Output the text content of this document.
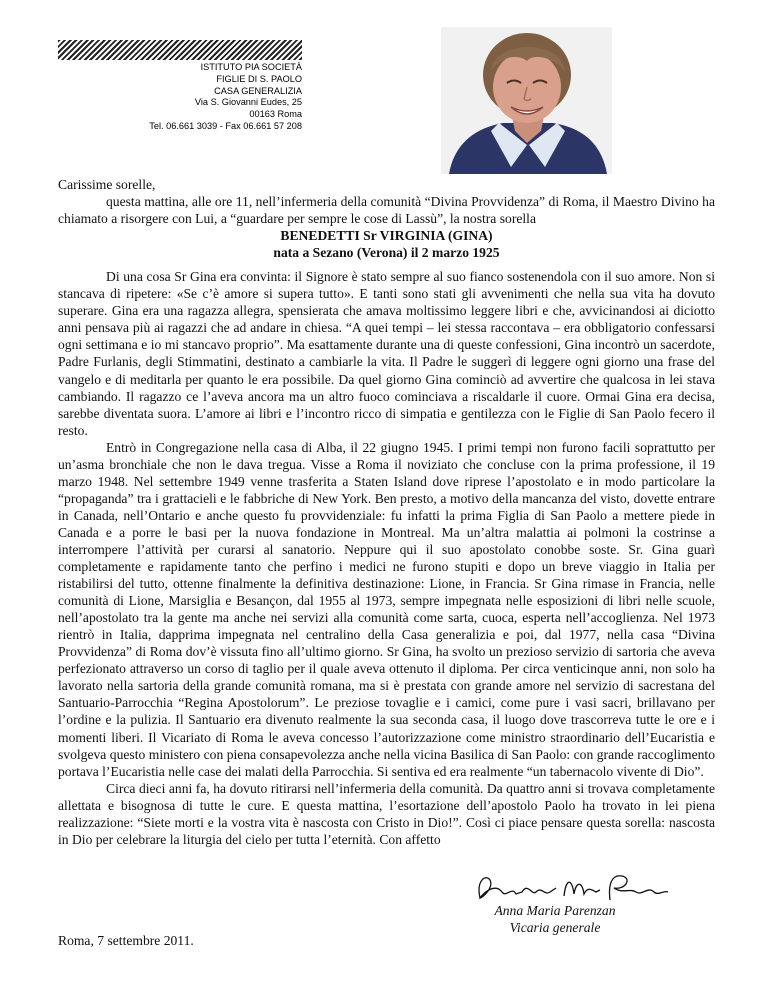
ISTITUTO PIA SOCIETÀ
FIGLIE DI S. PAOLO
CASA GENERALIZIA
Via S. Giovanni Eudes, 25
00163 Roma
Tel. 06.661 3039 - Fax 06.661 57 208

Carissime sorelle,

questa mattina, alle ore 11, nell’infermeria della comunità “Divina Provvidenza” di Roma, il Maestro Divino ha chiamato a risorgere con Lui, a “guardare per sempre le cose di Lassù”, la nostra sorella

BENEDETTI Sr VIRGINIA (GINA)
nata a Sezano (Verona) il 2 marzo 1925

Di una cosa Sr Gina era convinta: il Signore è stato sempre al suo fianco sostenendola con il suo amore. Non si stancava di ripetere: «Se c’è amore si supera tutto». E tanti sono stati gli avvenimenti che nella sua vita ha dovuto superare. Gina era una ragazza allegra, spensierata che amava moltissimo leggere libri e che, avvicinandosi ai diciotto anni pensava più ai ragazzi che ad andare in chiesa. “A quei tempi – lei stessa raccontava – era obbligatorio confessarsi ogni settimana e io mi stancavo proprio”. Ma esattamente durante una di queste confessioni, Gina incontrò un sacerdote, Padre Furlanis, degli Stimmatini, destinato a cambiarle la vita. Il Padre le suggerì di leggere ogni giorno una frase del vangelo e di meditarla per quanto le era possibile. Da quel giorno Gina cominciò ad avvertire che qualcosa in lei stava cambiando. Il ragazzo ce l’aveva ancora ma un altro fuoco cominciava a riscaldarle il cuore. Ormai Gina era decisa, sarebbe diventata suora. L’amore ai libri e l’incontro ricco di simpatia e gentilezza con le Figlie di San Paolo fecero il resto.

Entrò in Congregazione nella casa di Alba, il 22 giugno 1945. I primi tempi non furono facili soprattutto per un’asma bronchiale che non le dava tregua. Visse a Roma il noviziato che concluse con la prima professione, il 19 marzo 1948. Nel settembre 1949 venne trasferita a Staten Island dove riprese l’apostolato e in modo particolare la “propaganda” tra i grattacieli e le fabbriche di New York. Ben presto, a motivo della mancanza del visto, dovette entrare in Canada, nell’Ontario e anche questo fu provvidenziale: fu infatti la prima Figlia di San Paolo a mettere piede in Canada e a porre le basi per la nuova fondazione in Montreal. Ma un’altra malattia ai polmoni la costrinse a interrompere l’attività per curarsi al sanatorio. Neppure qui il suo apostolato conobbe soste. Sr. Gina guarì completamente e rapidamente tanto che perfino i medici ne furono stupiti e dopo un breve viaggio in Italia per ristabilirsi del tutto, ottenne finalmente la definitiva destinazione: Lione, in Francia. Sr Gina rimase in Francia, nelle comunità di Lione, Marsiglia e Besançon, dal 1955 al 1973, sempre impegnata nelle esposizioni di libri nelle scuole, nell’apostolato tra la gente ma anche nei servizi alla comunità come sarta, cuoca, esperta nell’accoglienza. Nel 1973 rientrò in Italia, dapprima impegnata nel centralino della Casa generalizia e poi, dal 1977, nella casa “Divina Provvidenza” di Roma dov’è vissuta fino all’ultimo giorno. Sr Gina, ha svolto un prezioso servizio di sartoria che aveva perfezionato attraverso un corso di taglio per il quale aveva ottenuto il diploma. Per circa venticinque anni, non solo ha lavorato nella sartoria della grande comunità romana, ma si è prestata con grande amore nel servizio di sacrestana del Santuario-Parrocchia “Regina Apostolorum”. Le preziose tovaglie e i camici, come pure i vasi sacri, brillavano per l’ordine e la pulizia. Il Santuario era divenuto realmente la sua seconda casa, il luogo dove trascorreva tutte le ore e i momenti liberi. Il Vicariato di Roma le aveva concesso l’autorizzazione come ministro straordinario dell’Eucaristia e svolgeva questo ministero con piena consapevolezza anche nella vicina Basilica di San Paolo: con grande raccoglimento portava l’Eucaristia nelle case dei malati della Parrocchia. Si sentiva ed era realmente “un tabernacolo vivente di Dio”.

Circa dieci anni fa, ha dovuto ritirarsi nell’infermeria della comunità. Da quattro anni si trovava completamente allettata e bisognosa di tutte le cure. E questa mattina, l’esortazione dell’apostolo Paolo ha trovato in lei piena realizzazione: “Siete morti e la vostra vita è nascosta con Cristo in Dio!”. Così ci piace pensare questa sorella: nascosta in Dio per celebrare la liturgia del cielo per tutta l’eternità. Con affetto

Anna Maria Parenzan
Vicaria generale
Roma, 7 settembre 2011.
